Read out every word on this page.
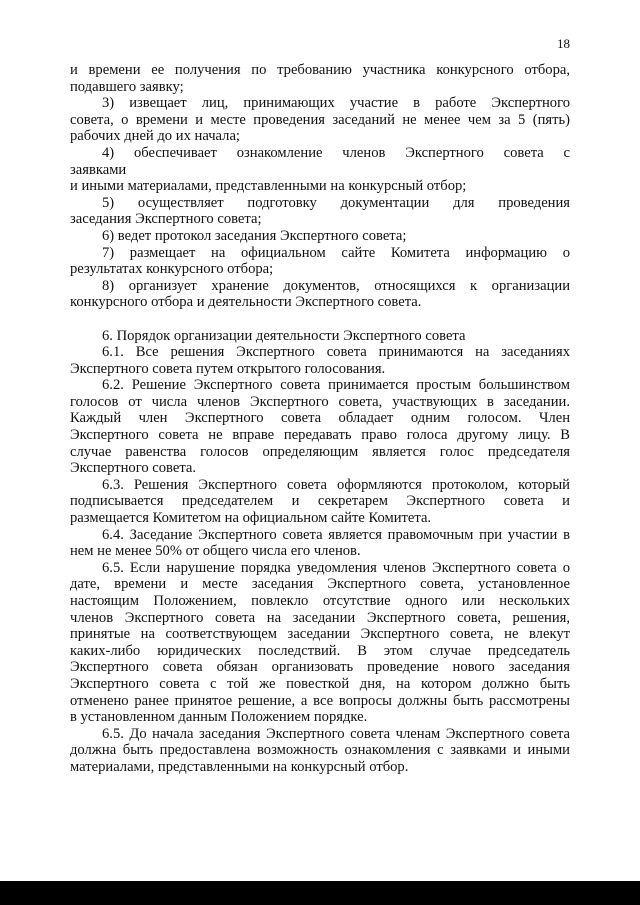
18
и времени ее получения по требованию участника конкурсного отбора,
подавшего заявку;
3) извещает лиц, принимающих участие в работе Экспертного
совета, о времени и месте проведения заседаний не менее чем за 5 (пять)
рабочих дней до их начала;
4) обеспечивает ознакомление членов Экспертного совета с
заявками
и иными материалами, представленными на конкурсный отбор;
5) осуществляет подготовку документации для проведения
заседания Экспертного совета;
6) ведет протокол заседания Экспертного совета;
7) размещает на официальном сайте Комитета информацию о
результатах конкурсного отбора;
8) организует хранение документов, относящихся к организации
конкурсного отбора и деятельности Экспертного совета.
6. Порядок организации деятельности Экспертного совета
6.1. Все решения Экспертного совета принимаются на заседаниях
Экспертного совета путем открытого голосования.
6.2. Решение Экспертного совета принимается простым большинством
голосов от числа членов Экспертного совета, участвующих в заседании.
Каждый член Экспертного совета обладает одним голосом. Член
Экспертного совета не вправе передавать право голоса другому лицу. В
случае равенства голосов определяющим является голос председателя
Экспертного совета.
6.3. Решения Экспертного совета оформляются протоколом, который
подписывается председателем и секретарем Экспертного совета и
размещается Комитетом на официальном сайте Комитета.
6.4. Заседание Экспертного совета является правомочным при участии в
нем не менее 50% от общего числа его членов.
6.5. Если нарушение порядка уведомления членов Экспертного совета о
дате, времени и месте заседания Экспертного совета, установленное
настоящим Положением, повлекло отсутствие одного или нескольких
членов Экспертного совета на заседании Экспертного совета, решения,
принятые на соответствующем заседании Экспертного совета, не влекут
каких-либо юридических последствий. В этом случае председатель
Экспертного совета обязан организовать проведение нового заседания
Экспертного совета с той же повесткой дня, на котором должно быть
отменено ранее принятое решение, а все вопросы должны быть рассмотрены
в установленном данным Положением порядке.
6.5. До начала заседания Экспертного совета членам Экспертного совета
должна быть предоставлена возможность ознакомления с заявками и иными
материалами, представленными на конкурсный отбор.
